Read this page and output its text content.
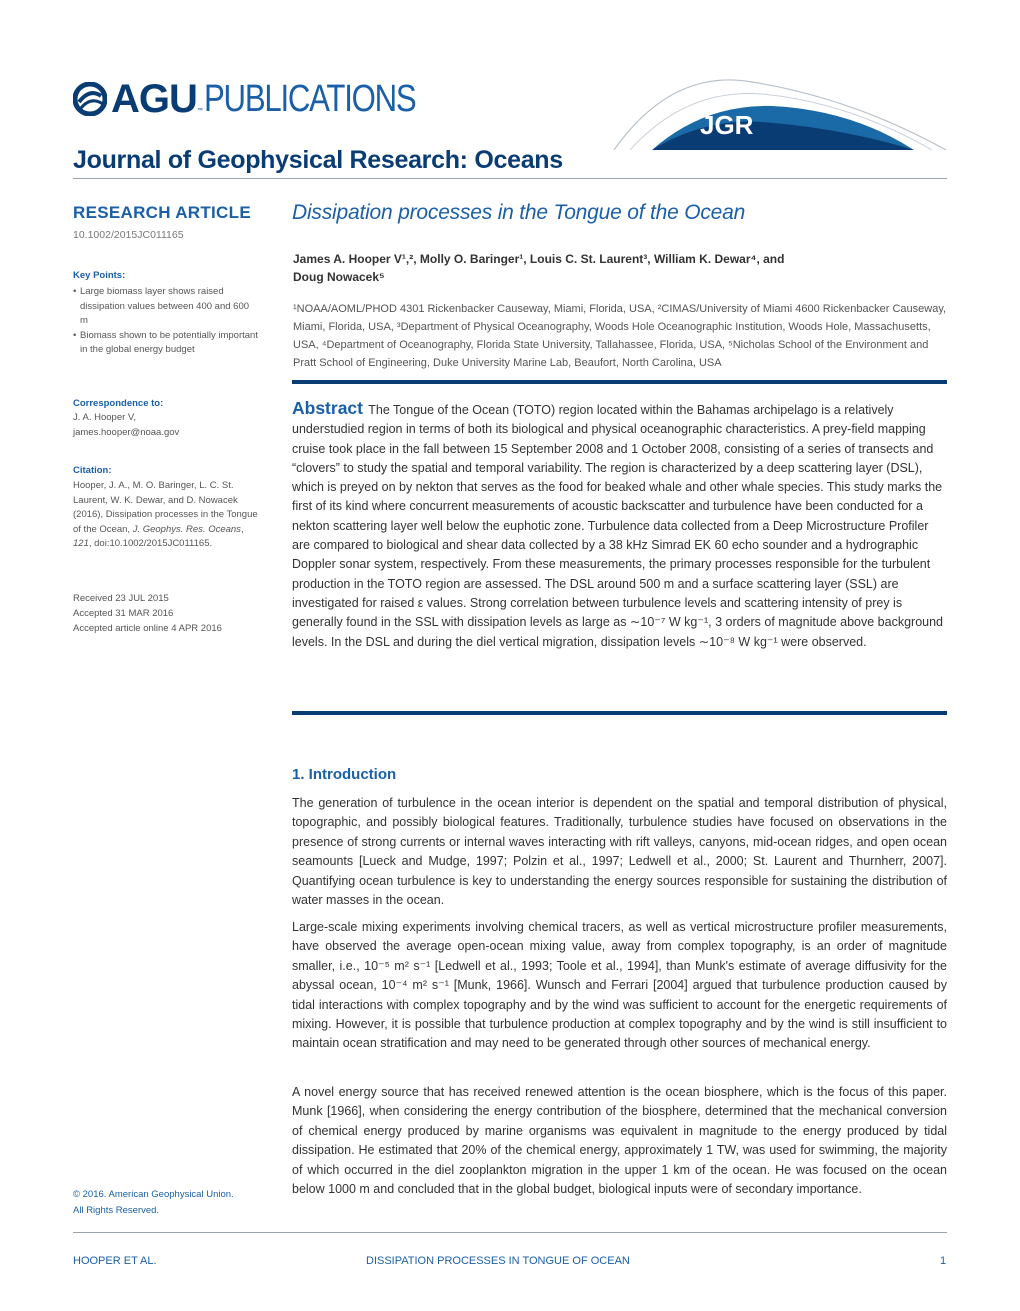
AGU ™ PUBLICATIONS
JGR
Journal of Geophysical Research: Oceans
RESEARCH ARTICLE
10.1002/2015JC011165
Key Points:
• Large biomass layer shows raised dissipation values between 400 and 600 m
• Biomass shown to be potentially important in the global energy budget
Correspondence to:
J. A. Hooper V,
james.hooper@noaa.gov
Citation:
Hooper, J. A., M. O. Baringer, L. C. St. Laurent, W. K. Dewar, and D. Nowacek (2016), Dissipation processes in the Tongue of the Ocean, J. Geophys. Res. Oceans, 121, doi:10.1002/2015JC011165.
Received 23 JUL 2015
Accepted 31 MAR 2016
Accepted article online 4 APR 2016
© 2016. American Geophysical Union.
All Rights Reserved.
Dissipation processes in the Tongue of the Ocean
James A. Hooper V¹,², Molly O. Baringer¹, Louis C. St. Laurent³, William K. Dewar⁴, and
Doug Nowacek⁵
¹NOAA/AOML/PHOD 4301 Rickenbacker Causeway, Miami, Florida, USA, ²CIMAS/University of Miami 4600 Rickenbacker Causeway, Miami, Florida, USA, ³Department of Physical Oceanography, Woods Hole Oceanographic Institution, Woods Hole, Massachusetts, USA, ⁴Department of Oceanography, Florida State University, Tallahassee, Florida, USA, ⁵Nicholas School of the Environment and Pratt School of Engineering, Duke University Marine Lab, Beaufort, North Carolina, USA
Abstract The Tongue of the Ocean (TOTO) region located within the Bahamas archipelago is a relatively understudied region in terms of both its biological and physical oceanographic characteristics. A prey-field mapping cruise took place in the fall between 15 September 2008 and 1 October 2008, consisting of a series of transects and “clovers” to study the spatial and temporal variability. The region is characterized by a deep scattering layer (DSL), which is preyed on by nekton that serves as the food for beaked whale and other whale species. This study marks the first of its kind where concurrent measurements of acoustic backscatter and turbulence have been conducted for a nekton scattering layer well below the euphotic zone. Turbulence data collected from a Deep Microstructure Profiler are compared to biological and shear data collected by a 38 kHz Simrad EK 60 echo sounder and a hydrographic Doppler sonar system, respectively. From these measurements, the primary processes responsible for the turbulent production in the TOTO region are assessed. The DSL around 500 m and a surface scattering layer (SSL) are investigated for raised ε values. Strong correlation between turbulence levels and scattering intensity of prey is generally found in the SSL with dissipation levels as large as ∼10⁻⁷ W kg⁻¹, 3 orders of magnitude above background levels. In the DSL and during the diel vertical migration, dissipation levels ∼10⁻⁸ W kg⁻¹ were observed.
1. Introduction
The generation of turbulence in the ocean interior is dependent on the spatial and temporal distribution of physical, topographic, and possibly biological features. Traditionally, turbulence studies have focused on observations in the presence of strong currents or internal waves interacting with rift valleys, canyons, mid-ocean ridges, and open ocean seamounts [Lueck and Mudge, 1997; Polzin et al., 1997; Ledwell et al., 2000; St. Laurent and Thurnherr, 2007]. Quantifying ocean turbulence is key to understanding the energy sources responsible for sustaining the distribution of water masses in the ocean.
Large-scale mixing experiments involving chemical tracers, as well as vertical microstructure profiler measurements, have observed the average open-ocean mixing value, away from complex topography, is an order of magnitude smaller, i.e., 10⁻⁵ m² s⁻¹ [Ledwell et al., 1993; Toole et al., 1994], than Munk's estimate of average diffusivity for the abyssal ocean, 10⁻⁴ m² s⁻¹ [Munk, 1966]. Wunsch and Ferrari [2004] argued that turbulence production caused by tidal interactions with complex topography and by the wind was sufficient to account for the energetic requirements of mixing. However, it is possible that turbulence production at complex topography and by the wind is still insufficient to maintain ocean stratification and may need to be generated through other sources of mechanical energy.
A novel energy source that has received renewed attention is the ocean biosphere, which is the focus of this paper. Munk [1966], when considering the energy contribution of the biosphere, determined that the mechanical conversion of chemical energy produced by marine organisms was equivalent in magnitude to the energy produced by tidal dissipation. He estimated that 20% of the chemical energy, approximately 1 TW, was used for swimming, the majority of which occurred in the diel zooplankton migration in the upper 1 km of the ocean. He was focused on the ocean below 1000 m and concluded that in the global budget, biological inputs were of secondary importance.
HOOPER ET AL.	DISSIPATION PROCESSES IN TONGUE OF OCEAN	1
